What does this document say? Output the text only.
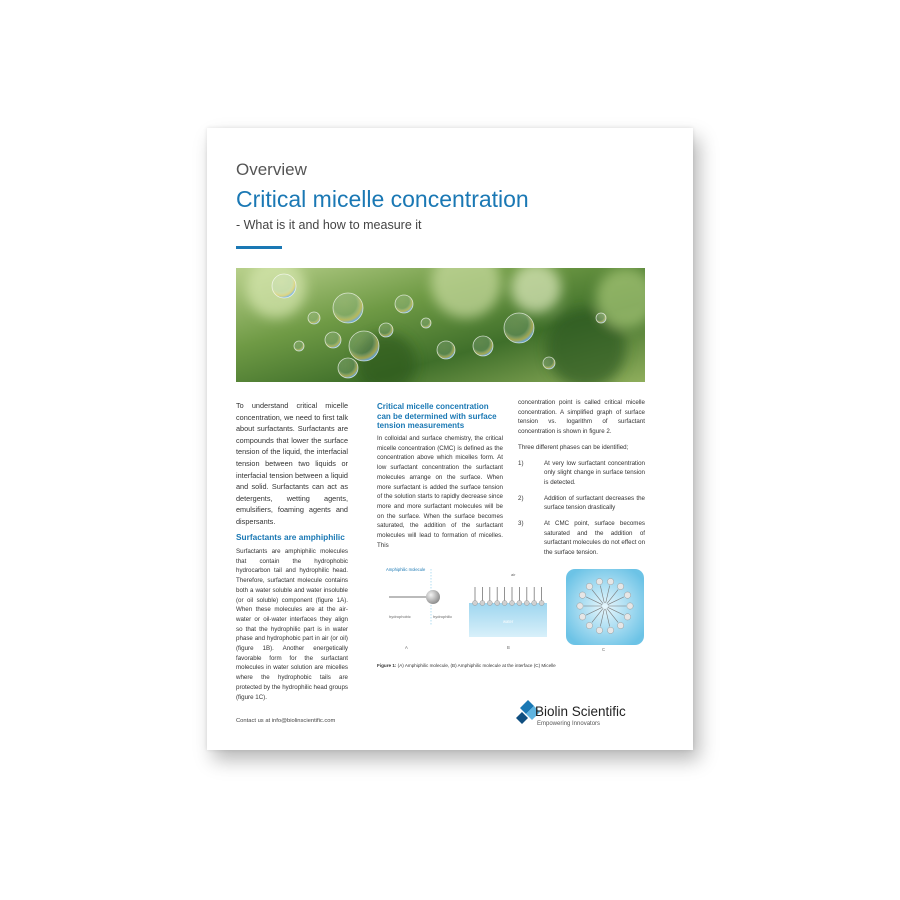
Overview
Critical micelle concentration
- What is it and how to measure it
To understand critical micelle concentration, we need to first talk about surfactants. Surfactants are compounds that lower the surface tension of the liquid, the interfacial tension between two liquids or interfacial tension between a liquid and solid. Surfactants can act as detergents, wetting agents, emulsifiers, foaming agents and dispersants.
Surfactants are amphiphilic
Surfactants are amphiphilic molecules that contain the hydrophobic hydrocarbon tail and hydrophilic head. Therefore, surfactant molecule contains both a water soluble and water insoluble (or oil soluble) component (figure 1A). When these molecules are at the air-water or oil-water interfaces they align so that the hydrophilic part is in water phase and hydrophobic part in air (or oil) (figure 1B). Another energetically favorable form for the surfactant molecules in water solution are micelles where the hydrophobic tails are protected by the hydrophilic head groups (figure 1C).
Critical micelle concentration can be determined with surface tension measurements
In colloidal and surface chemistry, the critical micelle concentration (CMC) is defined as the concentration above which micelles form. At low surfactant concentration the surfactant molecules arrange on the surface. When more surfactant is added the surface tension of the solution starts to rapidly decrease since more and more surfactant molecules will be on the surface. When the surface becomes saturated, the addition of the surfactant molecules will lead to formation of micelles. This

concentration point is called critical micelle concentration. A simplified graph of surface tension vs. logarithm of surfactant concentration is shown in figure 2.

Three different phases can be identified;

1)	At very low surfactant concentration only slight change in surface tension is detected.

2)	Addition of surfactant decreases the surface tension drastically

3)	At CMC point, surface becomes saturated and the addition of surfactant molecules do not effect on the surface tension.

Amphiphilic molecule
hydrophobic	hydrophilic
A
air
water
B	C
Figure 1: (A) Amphiphilic molecule, (B) Amphiphilic molecule at the interface (C) Micelle
Contact us at info@biolinscientific.com
Biolin Scientific
Empowering Innovators
